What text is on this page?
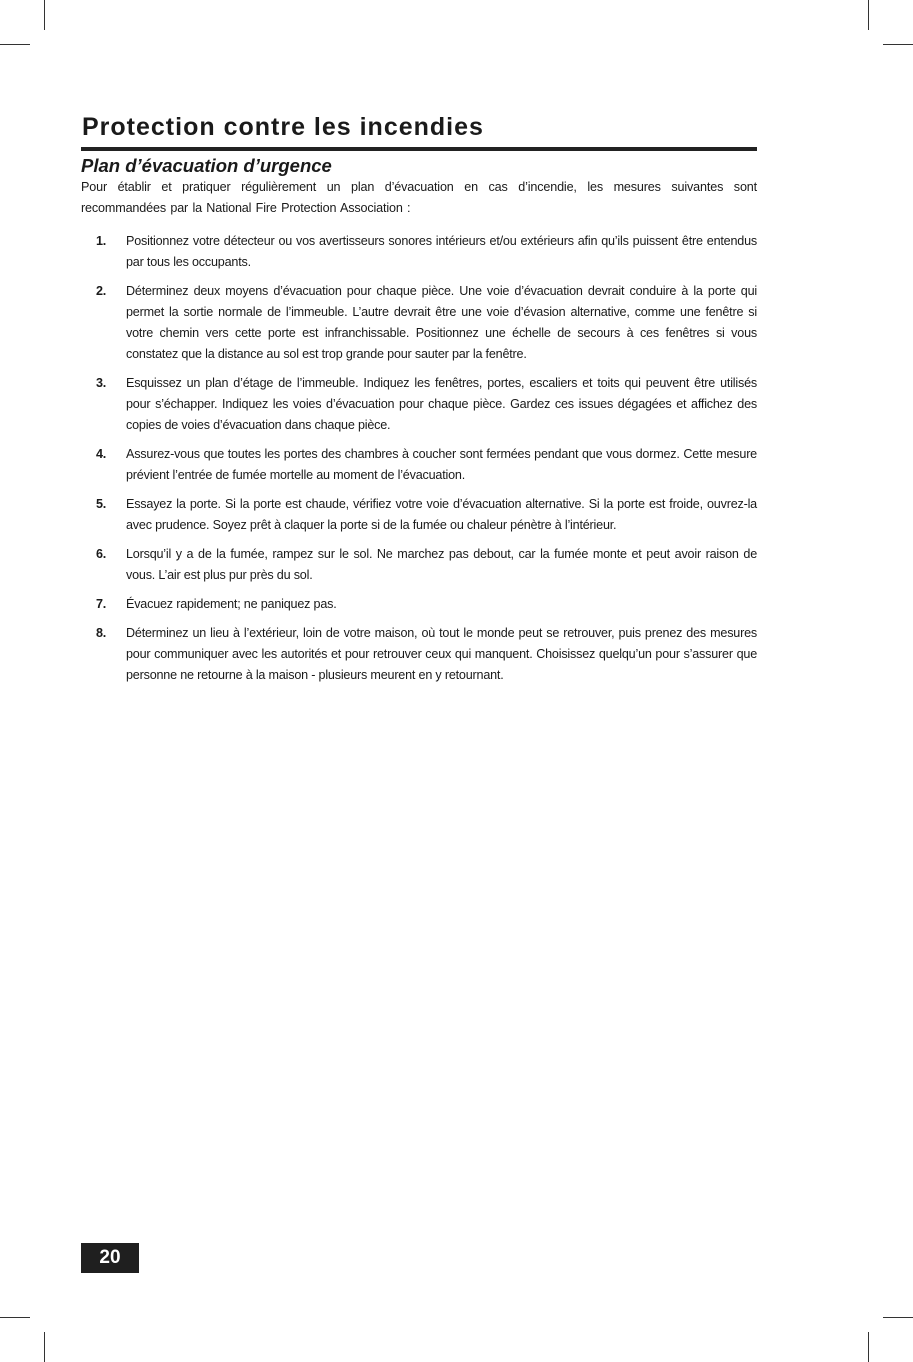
Protection contre les incendies
Plan d’évacuation d’urgence

Pour établir et pratiquer régulièrement un plan d’évacuation en cas d’incendie, les mesures suivantes sont recommandées par la National Fire Protection Association :

1.	Positionnez votre détecteur ou vos avertisseurs sonores intérieurs et/ou extérieurs afin qu’ils puissent être entendus par tous les occupants.
2.	Déterminez deux moyens d’évacuation pour chaque pièce. Une voie d’évacuation devrait conduire à la porte qui permet la sortie normale de l’immeuble. L’autre devrait être une voie d’évasion alternative, comme une fenêtre si votre chemin vers cette porte est infranchissable. Positionnez une échelle de secours à ces fenêtres si vous constatez que la distance au sol est trop grande pour sauter par la fenêtre.
3.	Esquissez un plan d’étage de l’immeuble. Indiquez les fenêtres, portes, escaliers et toits qui peuvent être utilisés pour s’échapper. Indiquez les voies d’évacuation pour chaque pièce. Gardez ces issues dégagées et affichez des copies de voies d’évacuation dans chaque pièce.
4.	Assurez-vous que toutes les portes des chambres à coucher sont fermées pendant que vous dormez. Cette mesure prévient l’entrée de fumée mortelle au moment de l’évacuation.
5.	Essayez la porte. Si la porte est chaude, vérifiez votre voie d’évacuation alternative. Si la porte est froide, ouvrez-la avec prudence. Soyez prêt à claquer la porte si de la fumée ou chaleur pénètre à l’intérieur.
6.	Lorsqu’il y a de la fumée, rampez sur le sol. Ne marchez pas debout, car la fumée monte et peut avoir raison de vous. L’air est plus pur près du sol.
7.	Évacuez rapidement; ne paniquez pas.
8.	Déterminez un lieu à l’extérieur, loin de votre maison, où tout le monde peut se retrouver, puis prenez des mesures pour communiquer avec les autorités et pour retrouver ceux qui manquent. Choisissez quelqu’un pour s’assurer que personne ne retourne à la maison - plusieurs meurent en y retournant.
20
